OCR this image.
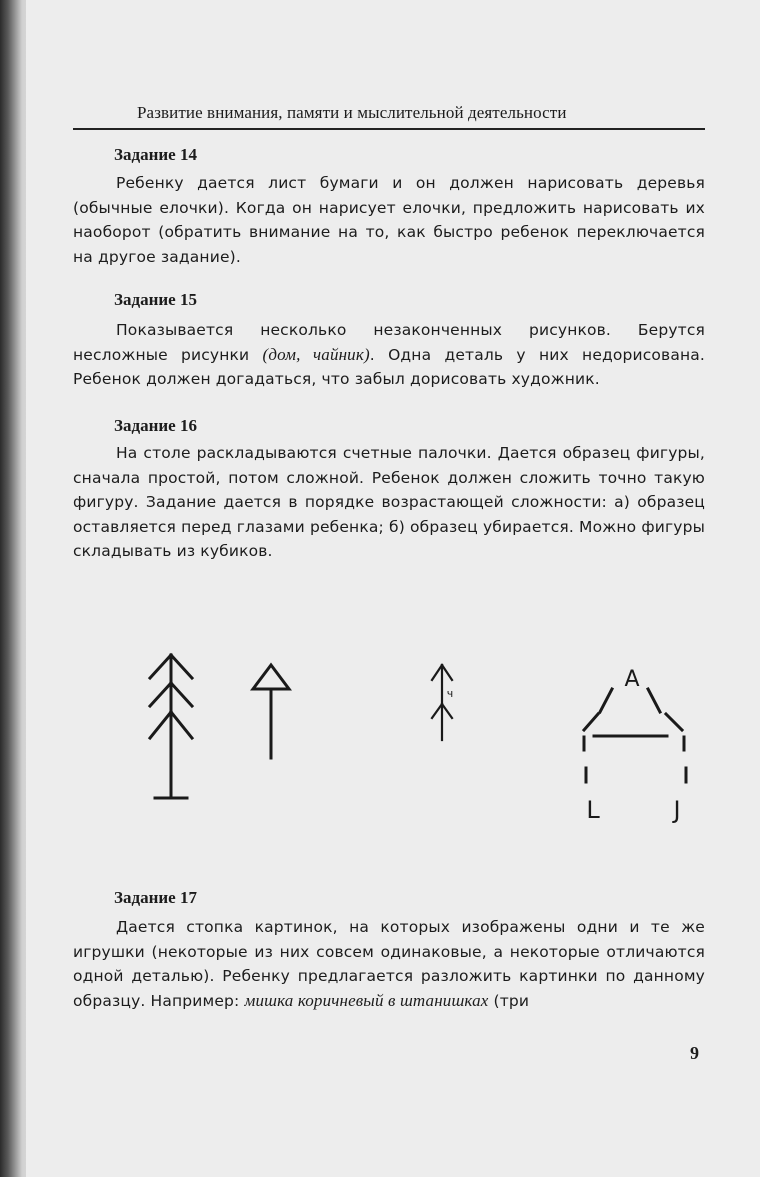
Развитие внимания, памяти и мыслительной деятельности
Задание 14

Ребенку дается лист бумаги и он должен нарисовать деревья (обычные елочки). Когда он нарисует елочки, предложить нарисовать их наоборот (обратить внимание на то, как быстро ребенок переключается на другое задание).

Задание 15

Показывается несколько незаконченных рисунков. Берутся несложные рисунки (дом, чайник). Одна деталь у них недорисована. Ребенок должен догадаться, что забыл дорисовать художник.

Задание 16

На столе раскладываются счетные палочки. Дается образец фигуры, сначала простой, потом сложной. Ребенок должен сложить точно такую фигуру. Задание дается в порядке возрастающей сложности: а) образец оставляется перед глазами ребенка; б) образец убирается. Можно фигуры складывать из кубиков.

A
L	J
ч
Задание 17

Дается стопка картинок, на которых изображены одни и те же игрушки (некоторые из них совсем одинаковые, а некоторые отличаются одной деталью). Ребенку предлагается разложить картинки по данному образцу. Например: мишка коричневый в штанишках (три

9
